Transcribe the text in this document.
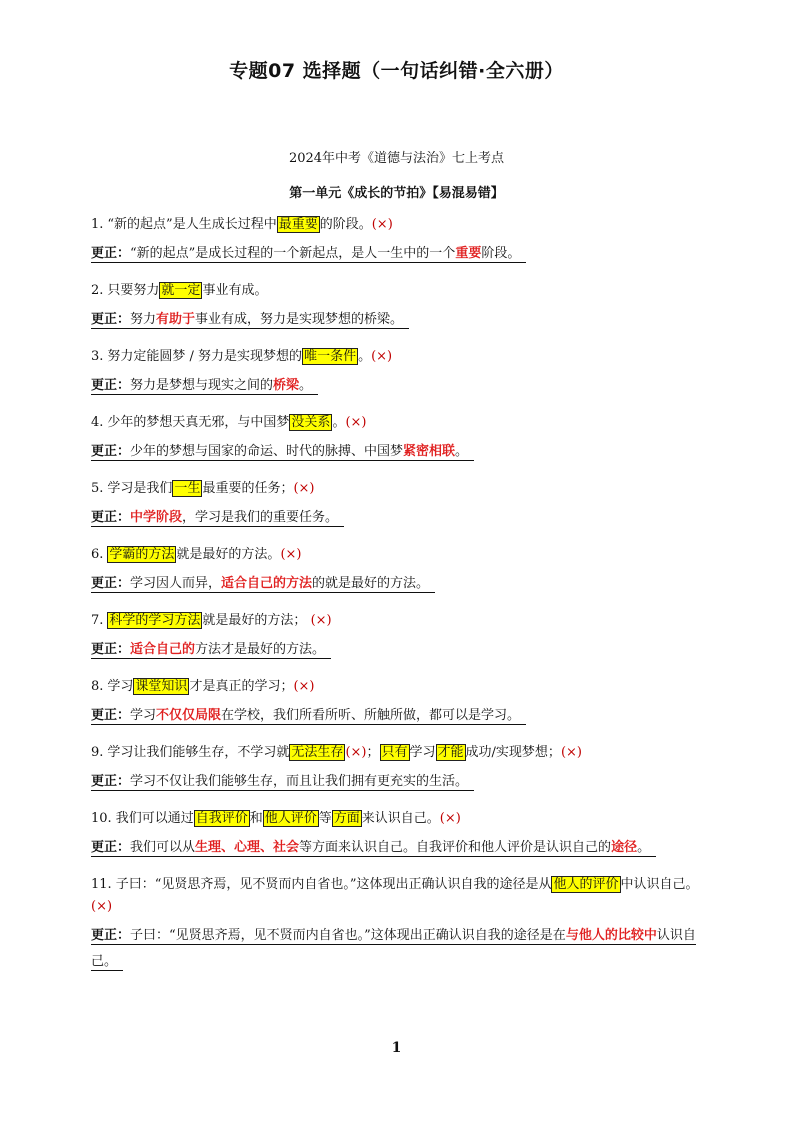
专题07 选择题（一句话纠错·全六册）
2024年中考《道德与法治》七上考点
第一单元《成长的节拍》【易混易错】
1. “新的起点”是人生成长过程中 最重要 的阶段。(×)
更正：“新的起点”是成长过程的一个新起点，是人一生中的一个重要阶段。
2. 只要努力 就一定 事业有成。
更正：努力有助于事业有成，努力是实现梦想的桥梁。
3. 努力定能圆梦 / 努力是实现梦想的 唯一条件 。(×)
更正：努力是梦想与现实之间的桥梁。
4. 少年的梦想天真无邪，与中国梦 没关系 。(×)
更正：少年的梦想与国家的命运、时代的脉搏、中国梦紧密相联。
5. 学习是我们 一生 最重要的任务；(×)
更正：中学阶段，学习是我们的重要任务。
6. 学霸的方法 就是最好的方法。(×)
更正：学习因人而异，适合自己的方法的就是最好的方法。
7. 科学的学习方法 就是最好的方法； (×)
更正：适合自己的方法才是最好的方法。
8. 学习 课堂知识 才是真正的学习；(×)
更正：学习不仅仅局限在学校，我们所看所听、所触所做，都可以是学习。
9. 学习让我们能够生存，不学习就 无法生存 (×)； 只有 学习 才能 成功/实现梦想；(×)
更正：学习不仅让我们能够生存，而且让我们拥有更充实的生活。
10. 我们可以通过 自我评价 和 他人评价 等 方面 来认识自己。(×)
更正：我们可以从生理、心理、社会等方面来认识自己。自我评价和他人评价是认识自己的途径。
11. 子曰：“见贤思齐焉，见不贤而内自省也。”这体现出正确认识自我的途径是从 他人的评价 中认识自己。(×)
更正：子曰：“见贤思齐焉，见不贤而内自省也。”这体现出正确认识自我的途径是在与他人的比较中认识自己。
1
